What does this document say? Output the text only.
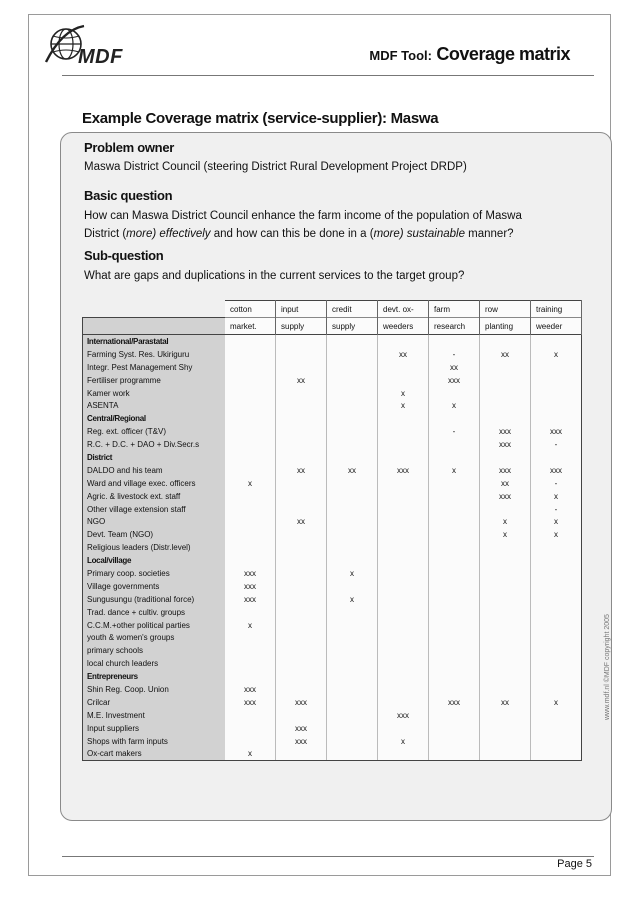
MDF	MDF Tool: Coverage matrix
Example Coverage matrix (service-supplier): Maswa
Problem owner
Maswa District Council (steering District Rural Development Project DRDP)
Basic question
How can Maswa District Council enhance the farm income of the population of Maswa
District (more) effectively and how can this be done in a (more) sustainable manner?
Sub-question
What are gaps and duplications in the current services to the target group?
	cotton	input	credit	devt. ox-	farm	row	training
	market.	supply	supply	weeders	research	planting	weeder
International/Parastatal							
Farming Syst. Res. Ukiriguru				xx	-	xx	x
Integr. Pest Management Shy					xx		
Fertiliser programme		xx			xxx		
Kamer work				x			
ASENTA				x	x		
Central/Regional							
Reg. ext. officer (T&V)					-	xxx	xxx
R.C. + D.C. + DAO + Div.Secr.s						xxx	-
District							
DALDO and his team		xx	xx	xxx	x	xxx	xxx
Ward and village exec. officers	x					xx	-
Agric. & livestock ext. staff						xxx	x
Other village extension staff							-
NGO		xx				x	x
Devt. Team (NGO)						x	x
Religious leaders (Distr.level)							
Local/village							
Primary coop. societies	xxx		x				
Village governments	xxx						
Sungusungu (traditional force)	xxx		x				
Trad. dance + cultiv. groups							
C.C.M.+other political parties	x						
youth & women's groups							
primary schools							
local church leaders							
Entrepreneurs							
Shin Reg. Coop. Union	xxx						
Crilcar	xxx	xxx			xxx	xx	x
M.E. Investment				xxx			
Input suppliers		xxx					
Shops with farm inputs		xxx		x			
Ox-cart makers	x						
www.mdf.nl ©MDF copyright 2005
Page 5
